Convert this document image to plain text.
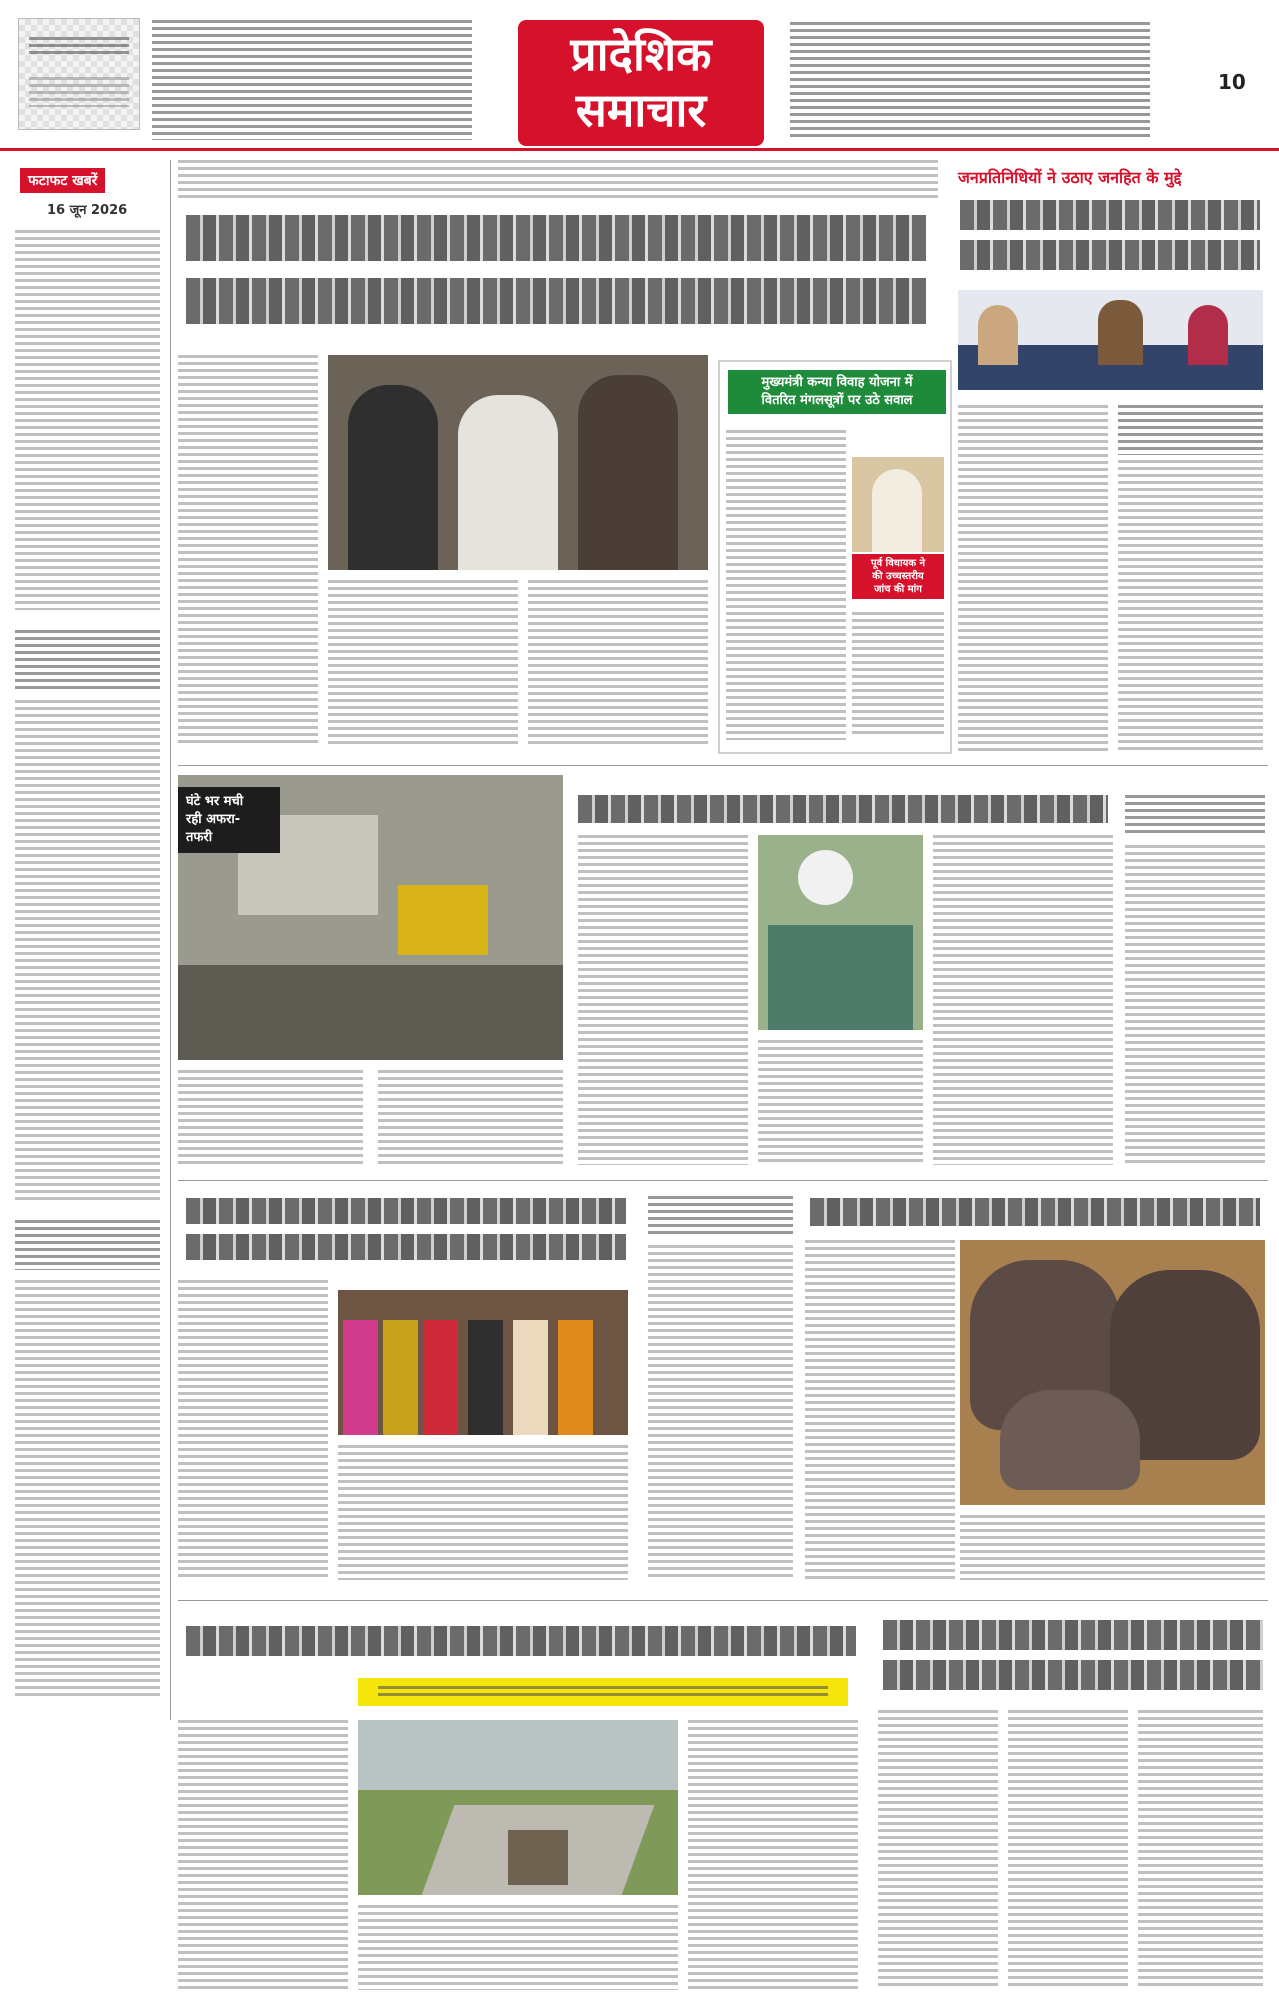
प्रादेशिक
समाचार
10
फटाफट खबरें
16 जून 2026
मुख्यमंत्री कन्या विवाह योजना में
वितरित मंगलसूत्रों पर उठे सवाल
पूर्व विधायक ने
की उच्चस्तरीय
जांच की मांग
जनप्रतिनिधियों ने उठाए जनहित के मुद्दे
घंटे भर मची
रही अफरा-
तफरी
